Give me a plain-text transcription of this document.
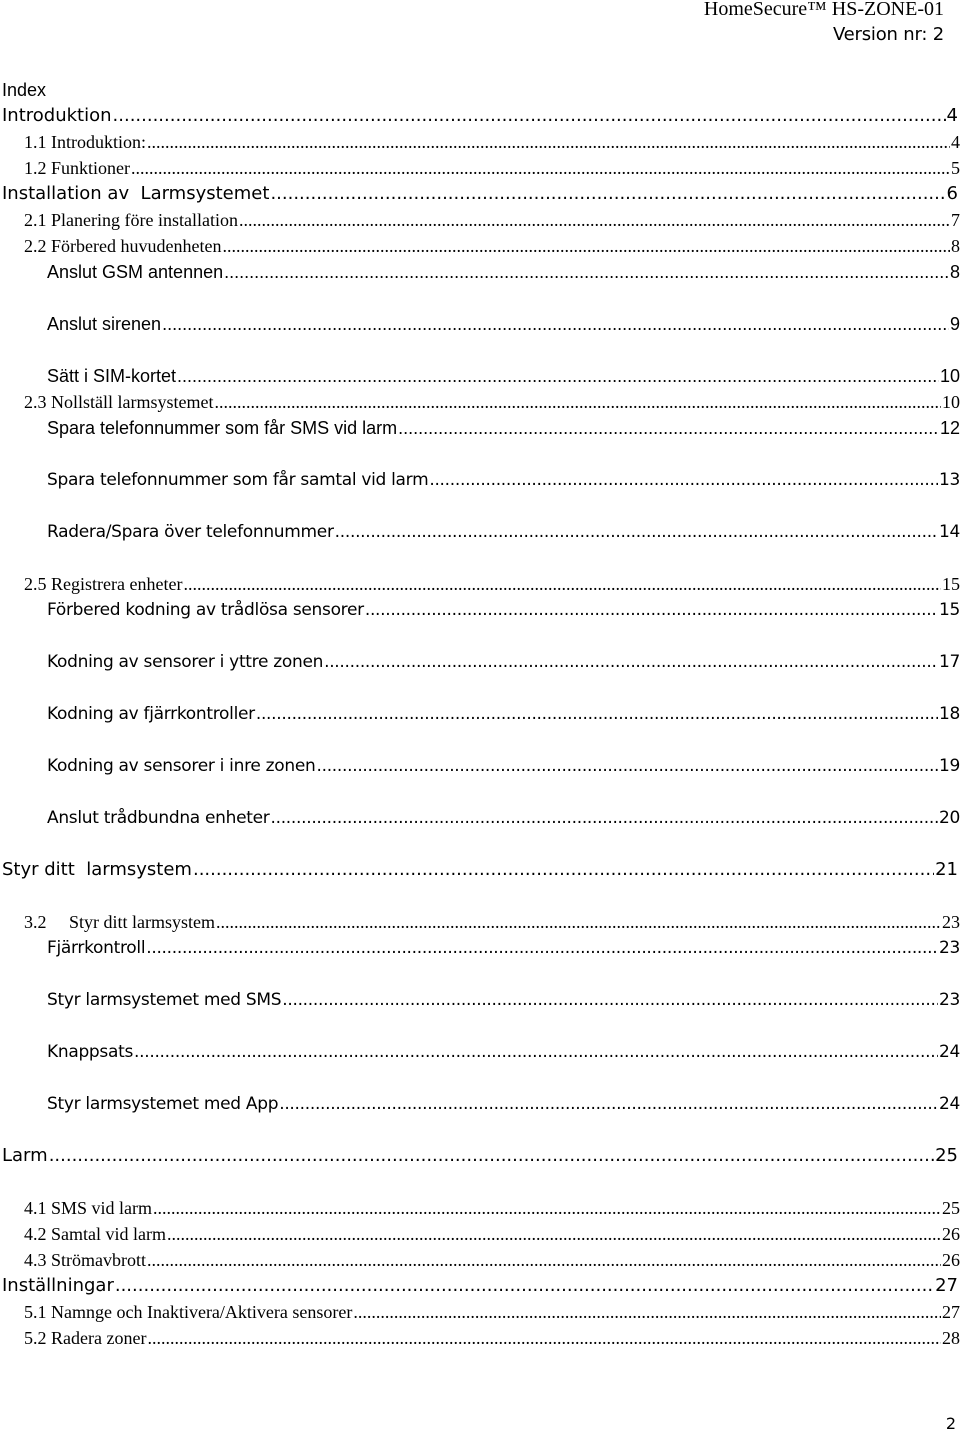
HomeSecure™ HS-ZONE-01
Version nr: 2
Index
Introduktion .....	4
1.1 Introduktion: .....	4
1.2 Funktioner .....	5
Installation av  Larmsystemet .....	6
2.1 Planering före installation .....	7
2.2 Förbered huvudenheten .....	8
Anslut GSM antennen .....	8
Anslut sirenen .....	9
Sätt i SIM-kortet .....	10
2.3 Nollställ larmsystemet .....	10
Spara telefonnummer som får SMS vid larm .....	12
Spara telefonnummer som får samtal vid larm .....	13
Radera/Spara över telefonnummer .....	14
2.5 Registrera enheter .....	15
Förbered kodning av trådlösa sensorer .....	15
Kodning av sensorer i yttre zonen .....	17
Kodning av fjärrkontroller .....	18
Kodning av sensorer i inre zonen .....	19
Anslut trådbundna enheter .....	20
Styr ditt  larmsystem .....	21
3.2     Styr ditt larmsystem .....	23
Fjärrkontroll .....	23
Styr larmsystemet med SMS .....	23
Knappsats .....	24
Styr larmsystemet med App .....	24
Larm .....	25
4.1 SMS vid larm .....	25
4.2 Samtal vid larm .....	26
4.3 Strömavbrott .....	26
Inställningar .....	27
5.1 Namnge och Inaktivera/Aktivera sensorer .....	27
5.2 Radera zoner .....	28
2
